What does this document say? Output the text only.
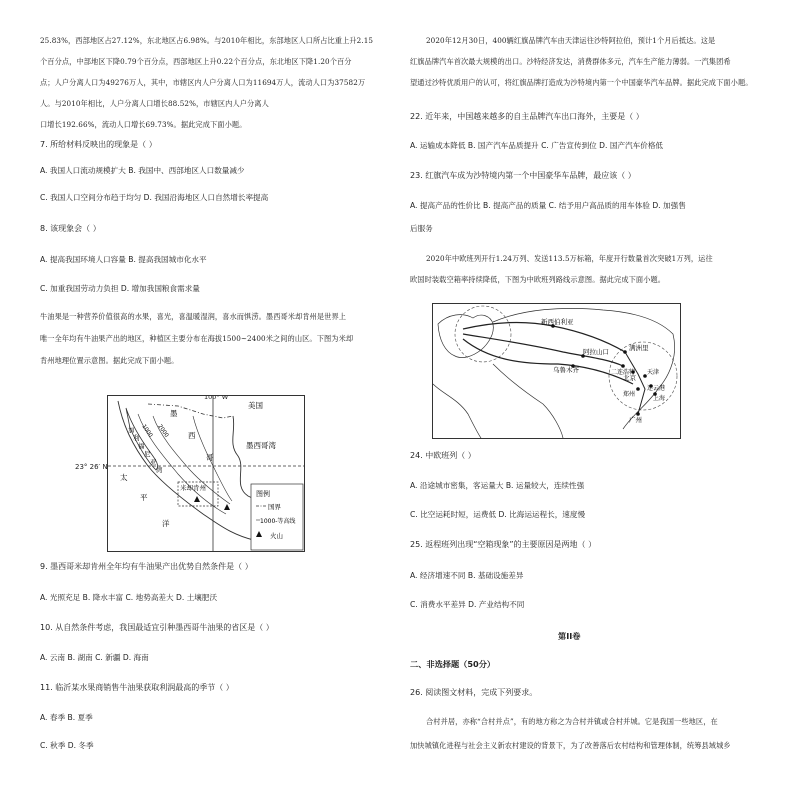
25.83%，西部地区占27.12%，东北地区占6.98%。与2010年相比，东部地区人口所占比重上升2.15
个百分点，中部地区下降0.79个百分点，西部地区上升0.22个百分点，东北地区下降1.20个百分
点；人户分离人口为49276万人，其中，市辖区内人户分离人口为11694万人，流动人口为37582万
人。与2010年相比，人户分离人口增长88.52%，市辖区内人户分离人
口增长192.66%，流动人口增长69.73%。据此完成下面小题。
7. 所给材料反映出的现象是（ ）
A. 我国人口流动规模扩大 B. 我国中、西部地区人口数量减少
C. 我国人口空间分布趋于均匀 D. 我国沿海地区人口自然增长率提高
8. 该现象会（ ）
A. 提高我国环境人口容量 B. 提高我国城市化水平
C. 加重我国劳动力负担 D. 增加我国粮食需求量
牛油果是一种营养价值很高的水果，喜光，喜温暖湿润，喜水而惧涝。墨西哥米却肯州是世界上
唯一全年均有牛油果产出的地区，种植区主要分布在海拔1500~2400米之间的山区。下图为米却
肯州地理位置示意图。据此完成下面小题。
100° W
美国
墨西哥湾
墨
西
哥
加
利
福
尼
亚
湾
太
平
洋
米却肯州
1000 2000
图例
国界
1000-等高线
火山
23° 26′ N
9. 墨西哥米却肯州全年均有牛油果产出优势自然条件是（ ）
A. 光照充足 B. 降水丰富 C. 地势高差大 D. 土壤肥沃
10. 从自然条件考虑，我国最适宜引种墨西哥牛油果的省区是（ ）
A. 云南 B. 湖南 C. 新疆 D. 海南
11. 临沂某水果商销售牛油果获取利润最高的季节（ ）
A. 春季 B. 夏季
C. 秋季 D. 冬季
2020年12月30日，400辆红旗品牌汽车由天津运往沙特阿拉伯，预计1个月后抵达。这是
红旗品牌汽车首次最大规模的出口。沙特经济发达，消费群体多元，汽车生产能力薄弱。一汽集团希
望通过沙特优质用户的认可，将红旗品牌打造成为沙特境内第一个中国豪华汽车品牌。据此完成下面小题。
22. 近年来，中国越来越多的自主品牌汽车出口海外，主要是（ ）
A. 运输成本降低 B. 国产汽车品质提升 C. 广告宣传到位 D. 国产汽车价格低
23. 红旗汽车成为沙特境内第一个中国豪华车品牌，最应该（ ）
A. 提高产品的性价比 B. 提高产品的质量 C. 结予用户高品质的用车体验 D. 加强售
后服务
2020年中欧班列开行1.24万列、发送113.5万标箱，年度开行数量首次突破1万列，运往
欧国时装载空箱率持续降低，下图为中欧班列路线示意图。据此完成下面小题。
新西伯利亚
满洲里
二连浩特
阿拉山口
乌鲁木齐
北京
天津
连云港
郑州
上海
广州
24. 中欧班列（ ）
A. 沿途城市密集，客运量大 B. 运量较大，连续性强
C. 比空运耗时短，运费低 D. 比海运运程长，速度慢
25. 返程班列出现“空箱现象”的主要原因是两地（ ）
A. 经济增速不同 B. 基础设施差异
C. 消费水平差异 D. 产业结构不同
第II卷
二、非选择题（50分）
26. 阅读图文材料，完成下列要求。
合村并居，亦称“合村并点”，有的地方称之为合村并镇或合村并城。它是我国一些地区，在
加快城镇化进程与社会主义新农村建设的背景下，为了改善落后农村结构和管理体制，统筹县域城乡
